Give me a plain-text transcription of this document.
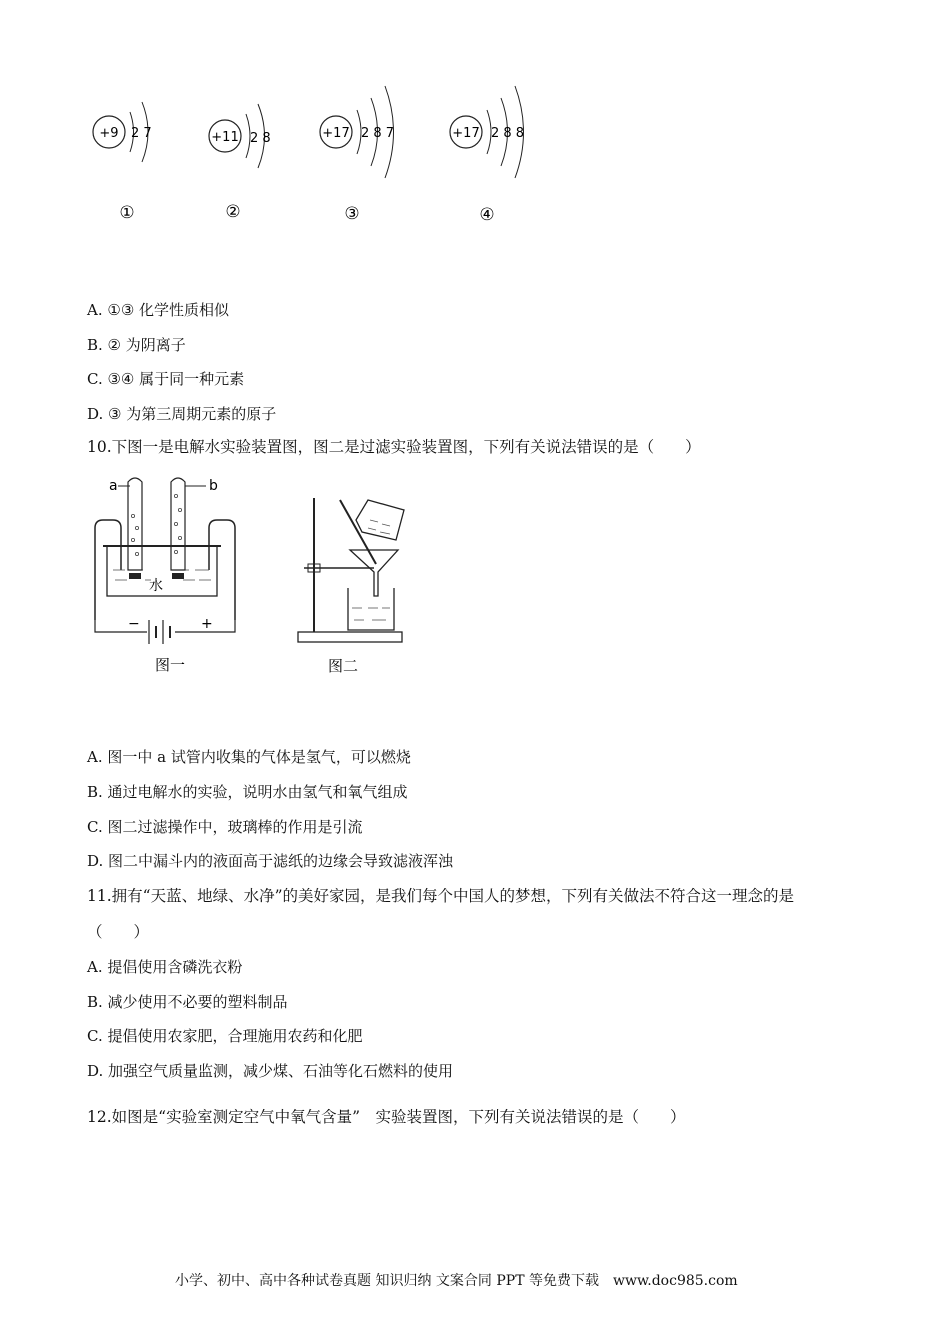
+9 2 7
①
+11 2 8
②
+17 2 8 7
③
+17 2 8 8
④
A. ①③ 化学性质相似
B. ② 为阴离子
C. ③④ 属于同一种元素
D. ③ 为第三周期元素的原子
10.下图一是电解水实验装置图，图二是过滤实验装置图，下列有关说法错误的是（　　）
a	b
水
−	+
图一	图二
A. 图一中 a 试管内收集的气体是氢气，可以燃烧
B. 通过电解水的实验，说明水由氢气和氧气组成
C. 图二过滤操作中，玻璃棒的作用是引流
D. 图二中漏斗内的液面高于滤纸的边缘会导致滤液浑浊
11.拥有“天蓝、地绿、水净”的美好家园，是我们每个中国人的梦想，下列有关做法不符合这一理念的是
（　　）
A. 提倡使用含磷洗衣粉
B. 减少使用不必要的塑料制品
C. 提倡使用农家肥，合理施用农药和化肥
D. 加强空气质量监测，减少煤、石油等化石燃料的使用
12.如图是“实验室测定空气中氧气含量”　实验装置图，下列有关说法错误的是（　　）
小学、初中、高中各种试卷真题 知识归纳 文案合同 PPT 等免费下载　www.doc985.com
